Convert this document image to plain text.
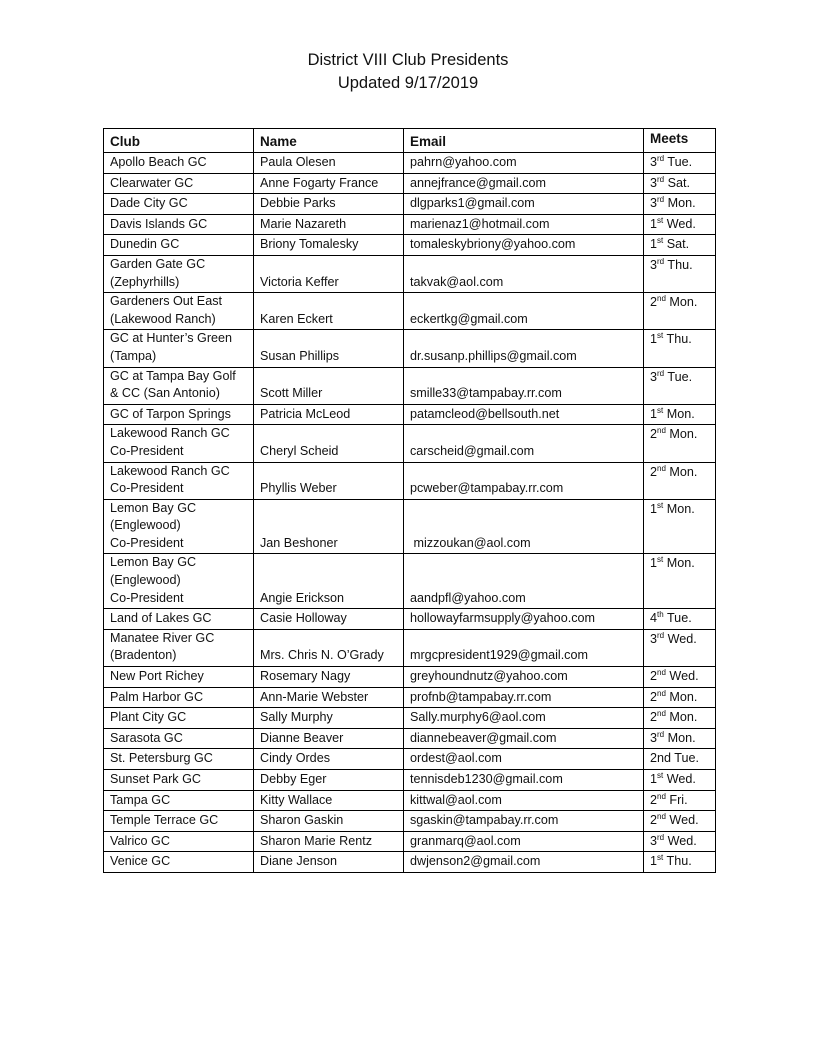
District VIII Club Presidents
Updated 9/17/2019
Club	Name	Email	Meets

Apollo Beach GC	Paula Olesen	pahrn@yahoo.com	3rd Tue.

Clearwater GC	Anne Fogarty France	annejfrance@gmail.com	3rd Sat.

Dade City GC	Debbie Parks	dlgparks1@gmail.com	3rd Mon.

Davis Islands GC	Marie Nazareth	marienaz1@hotmail.com	1st Wed.

Dunedin GC	Briony Tomalesky	tomaleskybriony@yahoo.com	1st Sat.

Garden Gate GC
(Zephyrhills)	Victoria Keffer	takvak@aol.com	3rd Thu.

Gardeners Out East
(Lakewood Ranch)	Karen Eckert	eckertkg@gmail.com	2nd Mon.

GC at Hunter’s Green
(Tampa)	Susan Phillips	dr.susanp.phillips@gmail.com	1st Thu.

GC at Tampa Bay Golf
& CC (San Antonio)	Scott Miller	smille33@tampabay.rr.com	3rd Tue.

GC of Tarpon Springs	Patricia McLeod	patamcleod@bellsouth.net	1st Mon.

Lakewood Ranch GC
Co-President	Cheryl Scheid	carscheid@gmail.com	2nd Mon.

Lakewood Ranch GC
Co-President	Phyllis Weber	pcweber@tampabay.rr.com	2nd Mon.

Lemon Bay GC
(Englewood)
Co-President	Jan Beshoner	mizzoukan@aol.com	1st Mon.

Lemon Bay GC
(Englewood)
Co-President	Angie Erickson	aandpfl@yahoo.com	1st Mon.

Land of Lakes GC	Casie Holloway	hollowayfarmsupply@yahoo.com	4th Tue.

Manatee River GC
(Bradenton)	Mrs. Chris N. O’Grady	mrgcpresident1929@gmail.com	3rd Wed.

New Port Richey	Rosemary Nagy	greyhoundnutz@yahoo.com	2nd Wed.

Palm Harbor GC	Ann-Marie Webster	profnb@tampabay.rr.com	2nd Mon.

Plant City GC	Sally Murphy	Sally.murphy6@aol.com	2nd Mon.

Sarasota GC	Dianne Beaver	diannebeaver@gmail.com	3rd Mon.

St. Petersburg GC	Cindy Ordes	ordest@aol.com	2nd Tue.

Sunset Park GC	Debby Eger	tennisdeb1230@gmail.com	1st Wed.

Tampa GC	Kitty Wallace	kittwal@aol.com	2nd Fri.

Temple Terrace GC	Sharon Gaskin	sgaskin@tampabay.rr.com	2nd Wed.

Valrico GC	Sharon Marie Rentz	granmarq@aol.com	3rd Wed.

Venice GC	Diane Jenson	dwjenson2@gmail.com	1st Thu.
